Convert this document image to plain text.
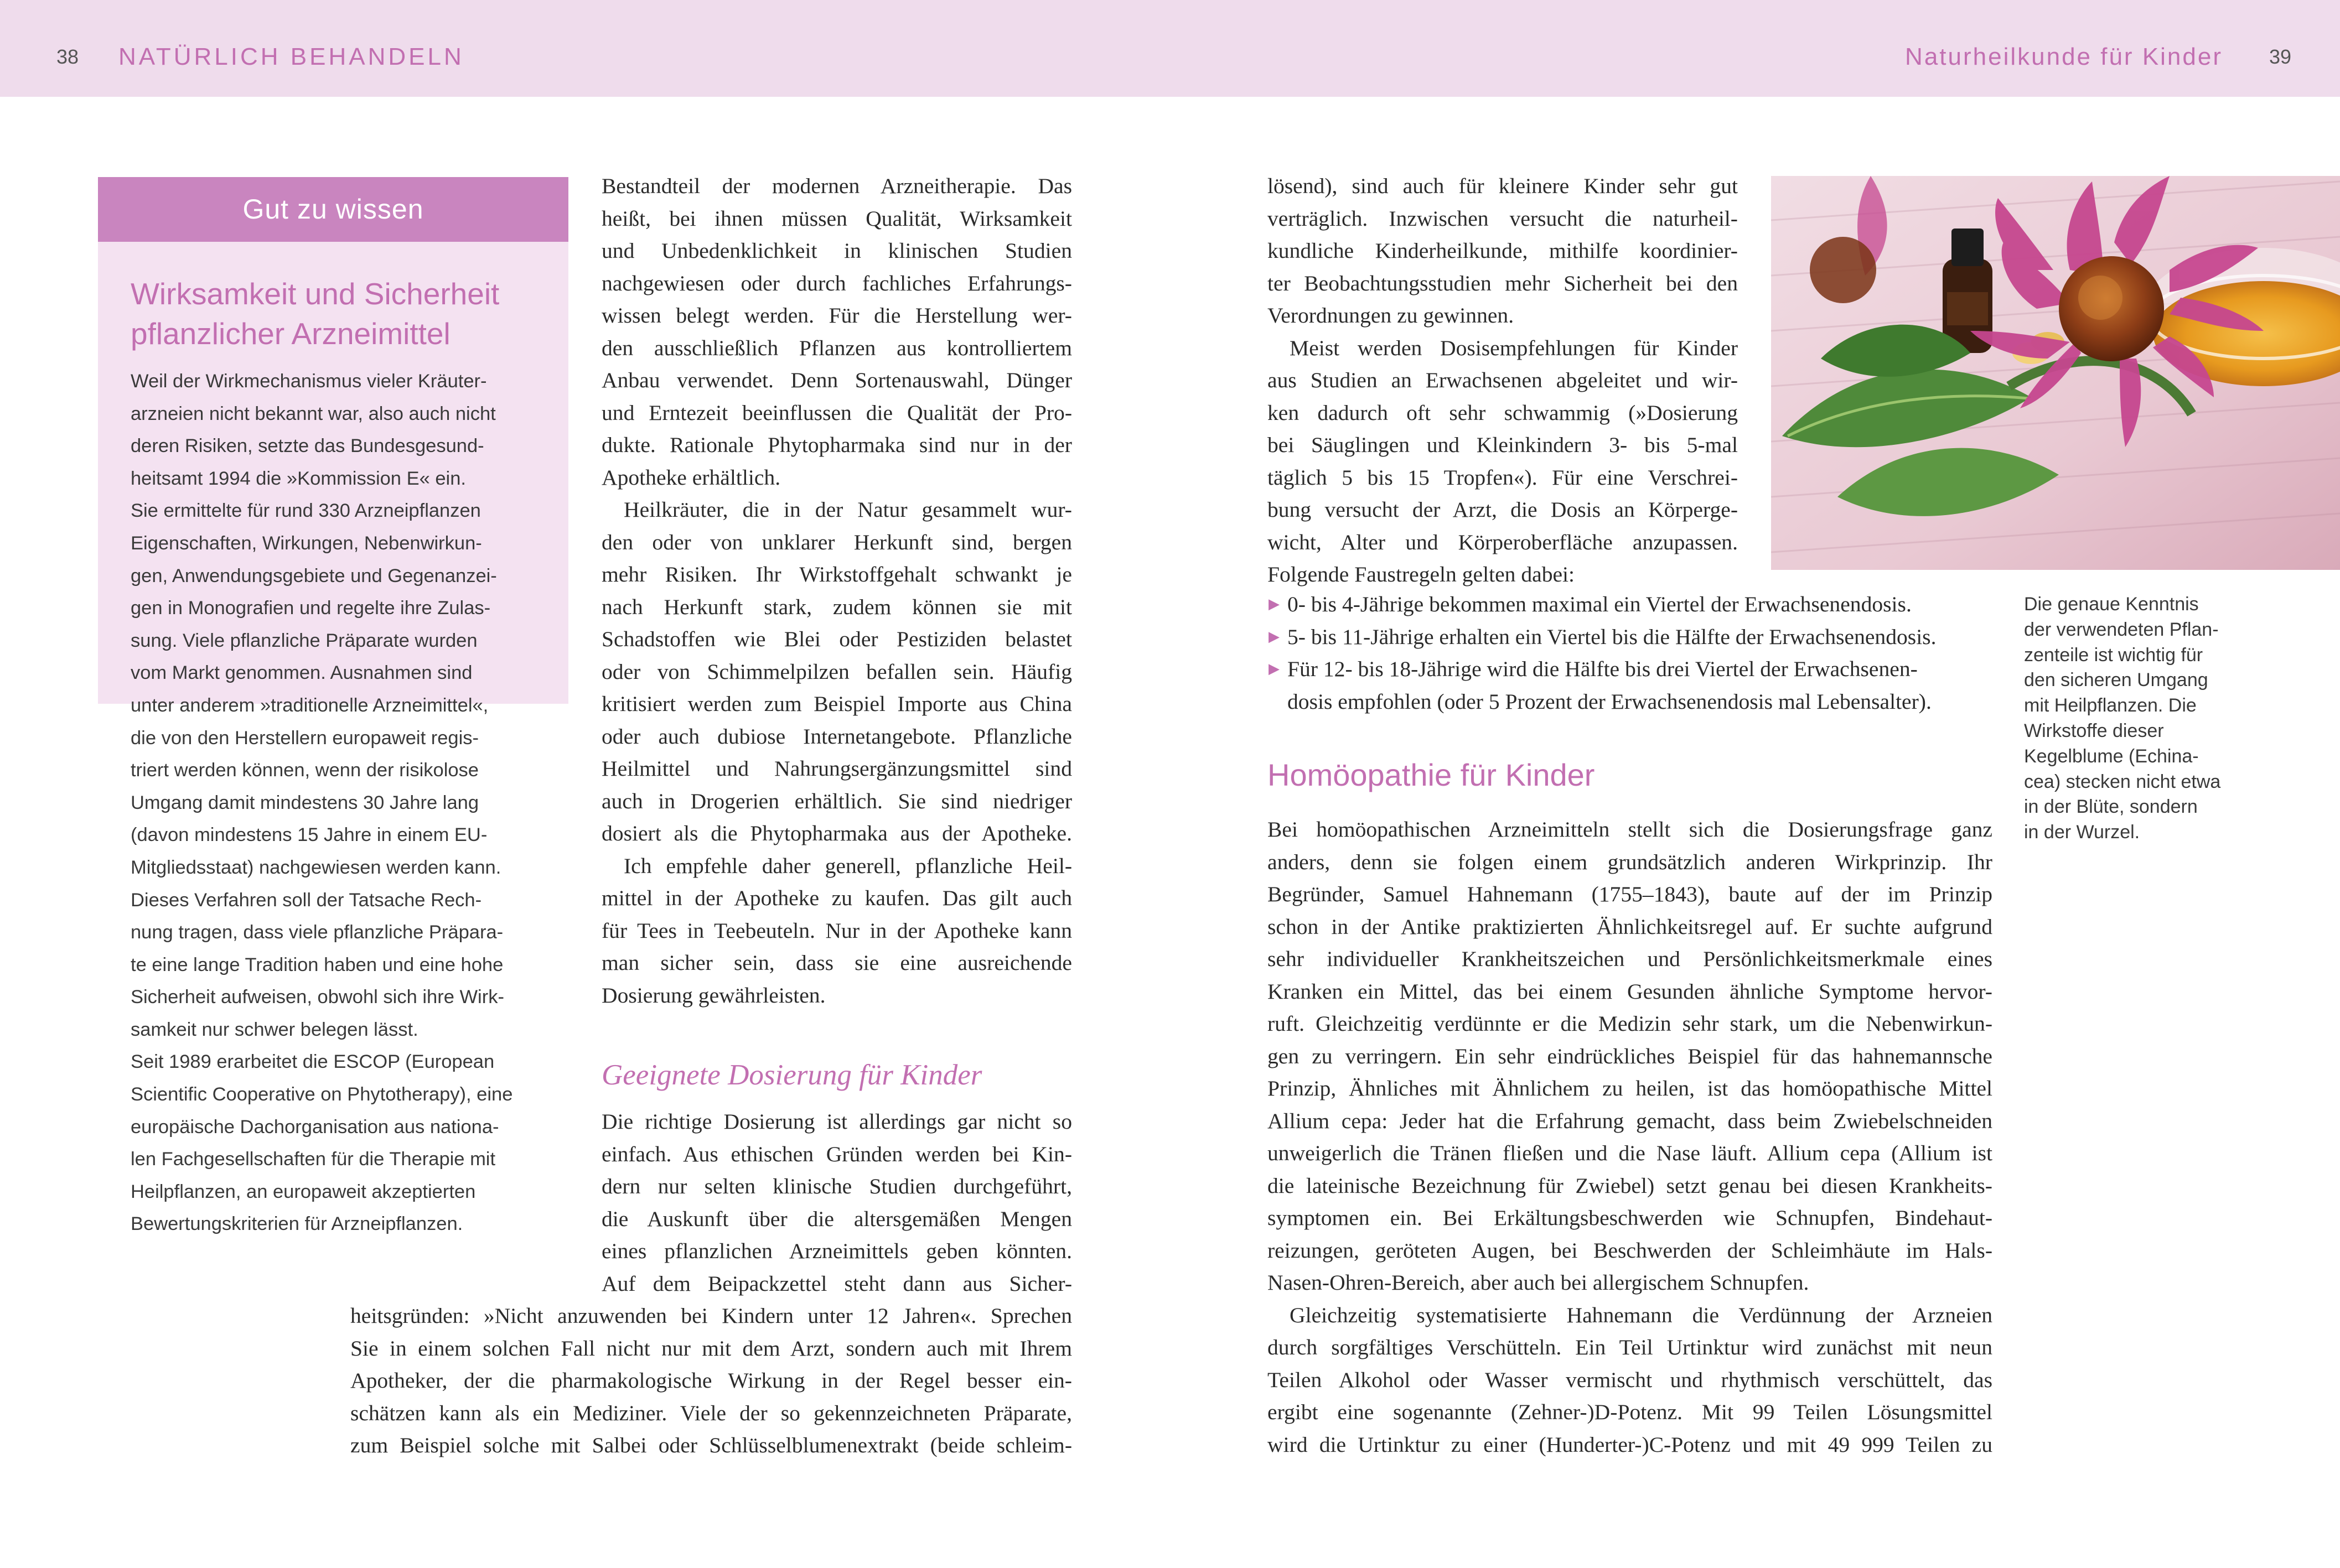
38 NATÜRLICH BEHANDELN	Naturheilkunde für Kinder 39
Gut zu wissen
Wirksamkeit und Sicherheit
pflanzlicher Arzneimittel

Weil der Wirkmechanismus vieler Kräuter-

arzneien nicht bekannt war, also auch nicht

deren Risiken, setzte das Bundesgesund-

heitsamt 1994 die »Kommission E« ein.

Sie ermittelte für rund 330 Arzneipflanzen

Eigenschaften, Wirkungen, Nebenwirkun-

gen, Anwendungsgebiete und Gegenanzei-

gen in Monografien und regelte ihre Zulas-

sung. Viele pflanzliche Präparate wurden

vom Markt genommen. Ausnahmen sind

unter anderem »traditionelle Arzneimittel«,

die von den Herstellern europaweit regis-

triert werden können, wenn der risikolose

Umgang damit mindestens 30 Jahre lang

(davon mindestens 15 Jahre in einem EU-

Mitgliedsstaat) nachgewiesen werden kann.

Dieses Verfahren soll der Tatsache Rech-

nung tragen, dass viele pflanzliche Präpara-

te eine lange Tradition haben und eine hohe

Sicherheit aufweisen, obwohl sich ihre Wirk-

samkeit nur schwer belegen lässt.

Seit 1989 erarbeitet die ESCOP (European

Scientific Cooperative on Phytotherapy), eine

europäische Dachorganisation aus nationa-

len Fachgesellschaften für die Therapie mit

Heilpflanzen, an europaweit akzeptierten

Bewertungskriterien für Arzneipflanzen.

Bestandteil der modernen Arzneitherapie. Das
heißt, bei ihnen müssen Qualität, Wirksamkeit
und Unbedenklichkeit in klinischen Studien
nachgewiesen oder durch fachliches Erfahrungs-
wissen belegt werden. Für die Herstellung wer-
den ausschließlich Pflanzen aus kontrolliertem
Anbau verwendet. Denn Sortenauswahl, Dünger
und Erntezeit beeinflussen die Qualität der Pro-
dukte. Rationale Phytopharmaka sind nur in der
Apotheke erhältlich.
Heilkräuter, die in der Natur gesammelt wur-
den oder von unklarer Herkunft sind, bergen
mehr Risiken. Ihr Wirkstoffgehalt schwankt je
nach Herkunft stark, zudem können sie mit
Schadstoffen wie Blei oder Pestiziden belastet
oder von Schimmelpilzen befallen sein. Häufig
kritisiert werden zum Beispiel Importe aus China
oder auch dubiose Internetangebote. Pflanzliche
Heilmittel und Nahrungsergänzungsmittel sind
auch in Drogerien erhältlich. Sie sind niedriger
dosiert als die Phytopharmaka aus der Apotheke.
Ich empfehle daher generell, pflanzliche Heil-
mittel in der Apotheke zu kaufen. Das gilt auch
für Tees in Teebeuteln. Nur in der Apotheke kann
man sicher sein, dass sie eine ausreichende
Dosierung gewährleisten.
Geeignete Dosierung für Kinder
Die richtige Dosierung ist allerdings gar nicht so
einfach. Aus ethischen Gründen werden bei Kin-
dern nur selten klinische Studien durchgeführt,
die Auskunft über die altersgemäßen Mengen
eines pflanzlichen Arzneimittels geben könnten.
Auf dem Beipackzettel steht dann aus Sicher-
heitsgründen: »Nicht anzuwenden bei Kindern unter 12 Jahren«. Sprechen
Sie in einem solchen Fall nicht nur mit dem Arzt, sondern auch mit Ihrem
Apotheker, der die pharmakologische Wirkung in der Regel besser ein-
schätzen kann als ein Mediziner. Viele der so gekennzeichneten Präparate,
zum Beispiel solche mit Salbei oder Schlüsselblumenextrakt (beide schleim-
lösend), sind auch für kleinere Kinder sehr gut
verträglich. Inzwischen versucht die naturheil-
kundliche Kinderheilkunde, mithilfe koordinier-
ter Beobachtungsstudien mehr Sicherheit bei den
Verordnungen zu gewinnen.
Meist werden Dosisempfehlungen für Kinder
aus Studien an Erwachsenen abgeleitet und wir-
ken dadurch oft sehr schwammig (»Dosierung
bei Säuglingen und Kleinkindern 3- bis 5-mal
täglich 5 bis 15 Tropfen«). Für eine Verschrei-
bung versucht der Arzt, die Dosis an Körperge-
wicht, Alter und Körperoberfläche anzupassen.
Folgende Faustregeln gelten dabei:
▶ 0- bis 4-Jährige bekommen maximal ein Viertel der Erwachsenendosis.
▶ 5- bis 11-Jährige erhalten ein Viertel bis die Hälfte der Erwachsenendosis.
▶ Für 12- bis 18-Jährige wird die Hälfte bis drei Viertel der Erwachsenen-
dosis empfohlen (oder 5 Prozent der Erwachsenendosis mal Lebensalter).
Homöopathie für Kinder
Bei homöopathischen Arzneimitteln stellt sich die Dosierungsfrage ganz
anders, denn sie folgen einem grundsätzlich anderen Wirkprinzip. Ihr
Begründer, Samuel Hahnemann (1755–1843), baute auf der im Prinzip
schon in der Antike praktizierten Ähnlichkeitsregel auf. Er suchte aufgrund
sehr individueller Krankheitszeichen und Persönlichkeitsmerkmale eines
Kranken ein Mittel, das bei einem Gesunden ähnliche Symptome hervor-
ruft. Gleichzeitig verdünnte er die Medizin sehr stark, um die Nebenwirkun-
gen zu verringern. Ein sehr eindrückliches Beispiel für das hahnemannsche
Prinzip, Ähnliches mit Ähnlichem zu heilen, ist das homöopathische Mittel
Allium cepa: Jeder hat die Erfahrung gemacht, dass beim Zwiebelschneiden
unweigerlich die Tränen fließen und die Nase läuft. Allium cepa (Allium ist
die lateinische Bezeichnung für Zwiebel) setzt genau bei diesen Krankheits-
symptomen ein. Bei Erkältungsbeschwerden wie Schnupfen, Bindehaut-
reizungen, geröteten Augen, bei Beschwerden der Schleimhäute im Hals-
Nasen-Ohren-Bereich, aber auch bei allergischem Schnupfen.
Gleichzeitig systematisierte Hahnemann die Verdünnung der Arzneien
durch sorgfältiges Verschütteln. Ein Teil Urtinktur wird zunächst mit neun
Teilen Alkohol oder Wasser vermischt und rhythmisch verschüttelt, das
ergibt eine sogenannte (Zehner-)D-Potenz. Mit 99 Teilen Lösungsmittel
wird die Urtinktur zu einer (Hunderter-)C-Potenz und mit 49 999 Teilen zu
Die genaue Kenntnis
der verwendeten Pflan-
zenteile ist wichtig für
den sicheren Umgang
mit Heilpflanzen. Die
Wirkstoffe dieser
Kegelblume (Echina-
cea) stecken nicht etwa
in der Blüte, sondern
in der Wurzel.
